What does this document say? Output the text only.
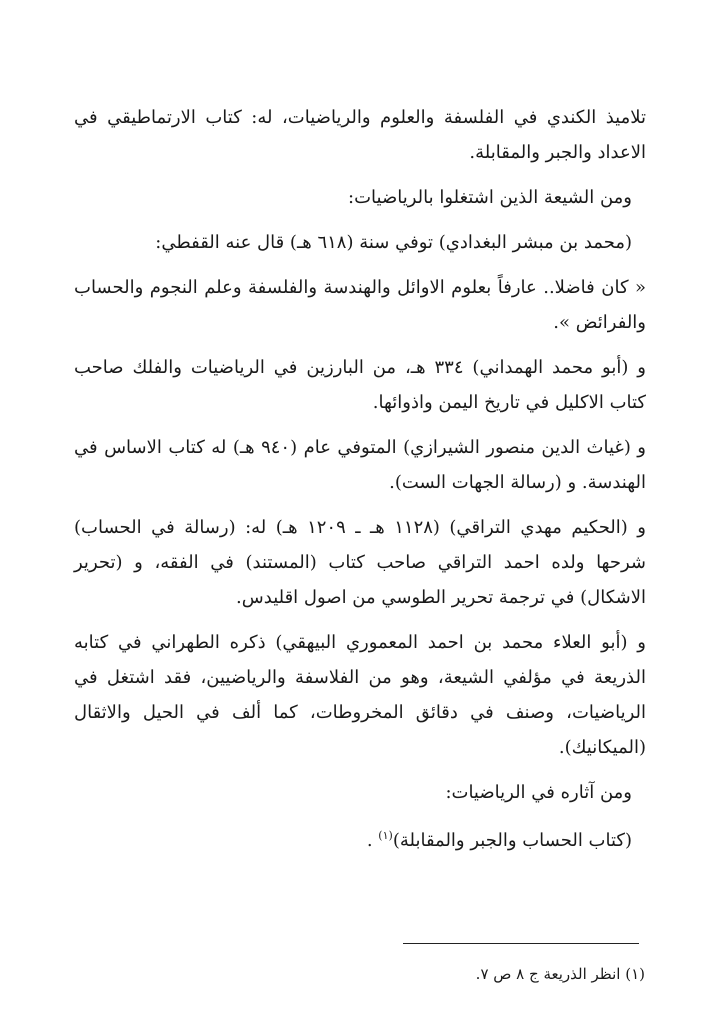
تلاميذ الكندي في الفلسفة والعلوم والرياضيات، له: كتاب الارتماطيقي في الاعداد والجبر والمقابلة.

ومن الشيعة الذين اشتغلوا بالرياضيات:

(محمد بن مبشر البغدادي) توفي سنة (٦١٨ هـ) قال عنه القفطي:

« كان فاضلا.. عارفاً بعلوم الاوائل والهندسة والفلسفة وعلم النجوم والحساب والفرائض ».

و (أبو محمد الهمداني) ٣٣٤ هـ، من البارزين في الرياضيات والفلك صاحب كتاب الاكليل في تاريخ اليمن واذوائها.

و (غياث الدين منصور الشيرازي) المتوفي عام (٩٤٠ هـ) له كتاب الاساس في الهندسة. و (رسالة الجهات الست).

و (الحكيم مهدي التراقي) (١١٢٨ هـ ـ ١٢٠٩ هـ) له: (رسالة في الحساب) شرحها ولده احمد التراقي صاحب كتاب (المستند) في الفقه، و (تحرير الاشكال) في ترجمة تحرير الطوسي من اصول اقليدس.

و (أبو العلاء محمد بن احمد المعموري البيهقي) ذكره الطهراني في كتابه الذريعة في مؤلفي الشيعة، وهو من الفلاسفة والرياضيين، فقد اشتغل في الرياضيات، وصنف في دقائق المخروطات، كما ألف في الحيل والاثقال (الميكانيك).

ومن آثاره في الرياضيات:

(كتاب الحساب والجبر والمقابلة)$^{(١)}$ .

(١) انظر الذريعة ج ٨ ص ٧.
